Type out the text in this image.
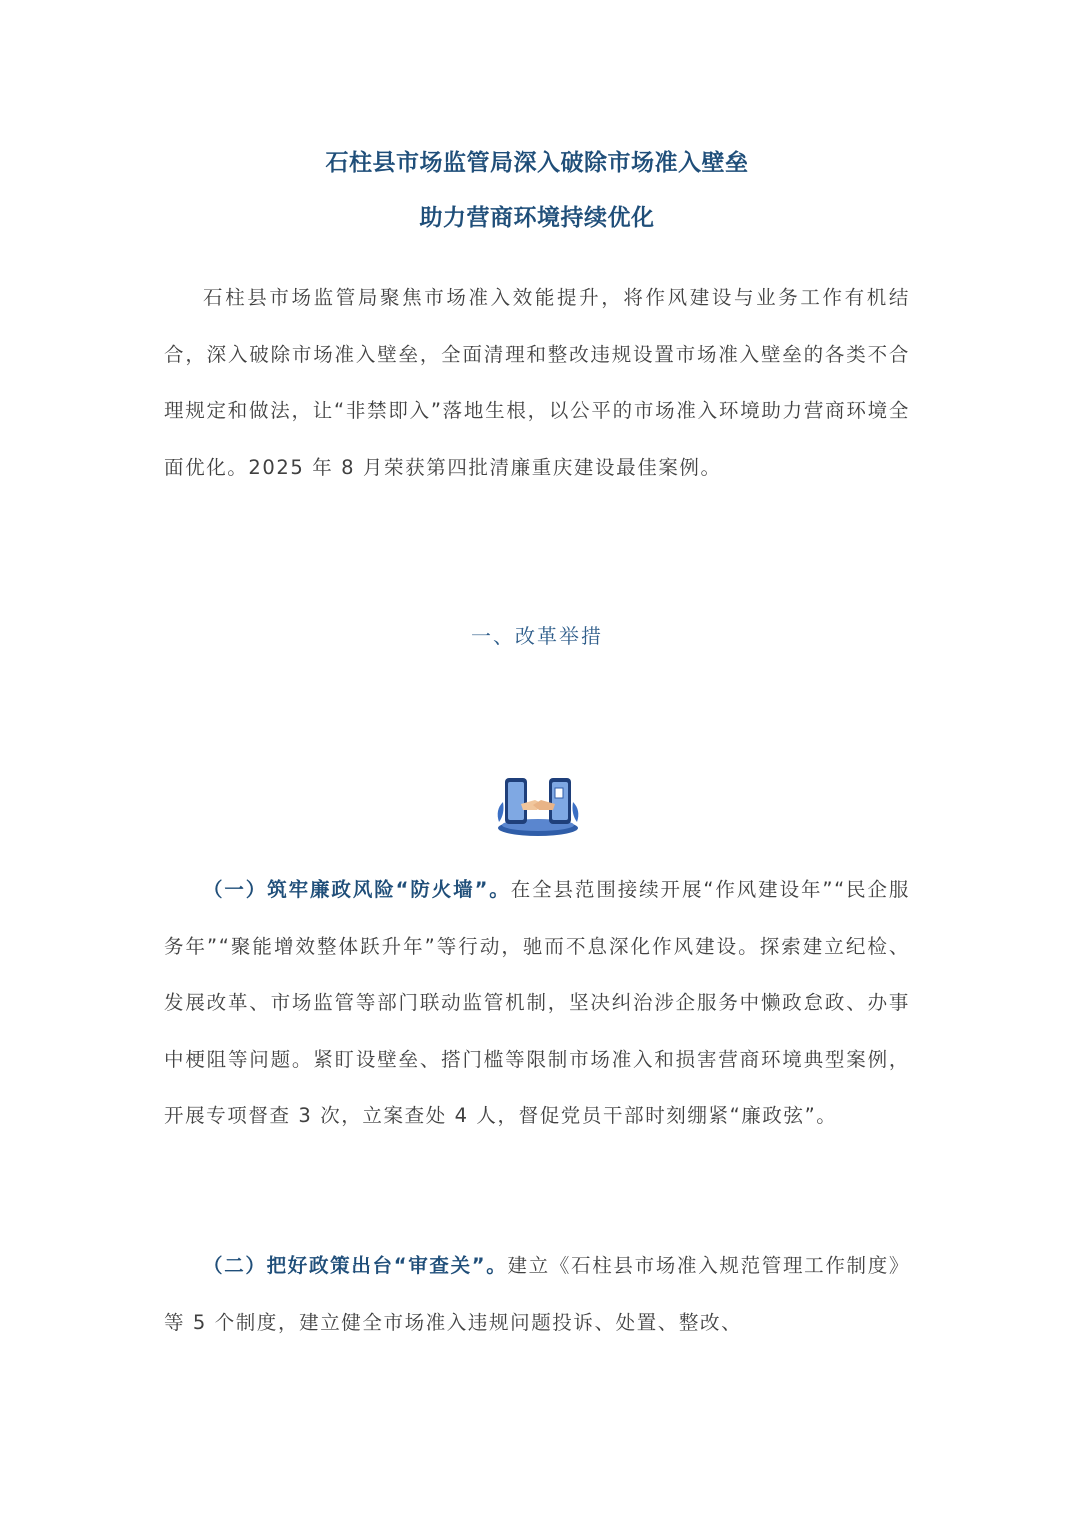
石柱县市场监管局深入破除市场准入壁垒
助力营商环境持续优化
石柱县市场监管局聚焦市场准入效能提升，将作风建设与业务工作有机结合，深入破除市场准入壁垒，全面清理和整改违规设置市场准入壁垒的各类不合理规定和做法，让“非禁即入”落地生根，以公平的市场准入环境助力营商环境全面优化。2025 年 8 月荣获第四批清廉重庆建设最佳案例。
一、改革举措
（一）筑牢廉政风险“防火墙”。在全县范围接续开展“作风建设年”“民企服务年”“聚能增效整体跃升年”等行动，驰而不息深化作风建设。探索建立纪检、发展改革、市场监管等部门联动监管机制，坚决纠治涉企服务中懒政怠政、办事中梗阻等问题。紧盯设壁垒、搭门槛等限制市场准入和损害营商环境典型案例，开展专项督查 3 次，立案查处 4 人，督促党员干部时刻绷紧“廉政弦”。
（二）把好政策出台“审查关”。建立《石柱县市场准入规范管理工作制度》等 5 个制度，建立健全市场准入违规问题投诉、处置、整改、
